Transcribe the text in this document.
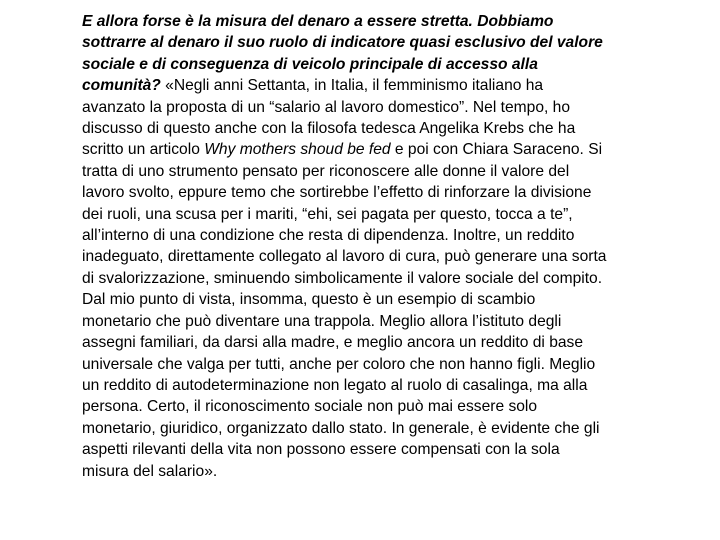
E allora forse è la misura del denaro a essere stretta. Dobbiamo
sottrarre al denaro il suo ruolo di indicatore quasi esclusivo del valore
sociale e di conseguenza di veicolo principale di accesso alla
comunità? «Negli anni Settanta, in Italia, il femminismo italiano ha
avanzato la proposta di un “salario al lavoro domestico”. Nel tempo, ho
discusso di questo anche con la filosofa tedesca Angelika Krebs che ha
scritto un articolo Why mothers shoud be fed e poi con Chiara Saraceno. Si
tratta di uno strumento pensato per riconoscere alle donne il valore del
lavoro svolto, eppure temo che sortirebbe l’effetto di rinforzare la divisione
dei ruoli, una scusa per i mariti, “ehi, sei pagata per questo, tocca a te”,
all’interno di una condizione che resta di dipendenza. Inoltre, un reddito
inadeguato, direttamente collegato al lavoro di cura, può generare una sorta
di svalorizzazione, sminuendo simbolicamente il valore sociale del compito.
Dal mio punto di vista, insomma, questo è un esempio di scambio
monetario che può diventare una trappola. Meglio allora l’istituto degli
assegni familiari, da darsi alla madre, e meglio ancora un reddito di base
universale che valga per tutti, anche per coloro che non hanno figli. Meglio
un reddito di autodeterminazione non legato al ruolo di casalinga, ma alla
persona. Certo, il riconoscimento sociale non può mai essere solo
monetario, giuridico, organizzato dallo stato. In generale, è evidente che gli
aspetti rilevanti della vita non possono essere compensati con la sola
misura del salario».
